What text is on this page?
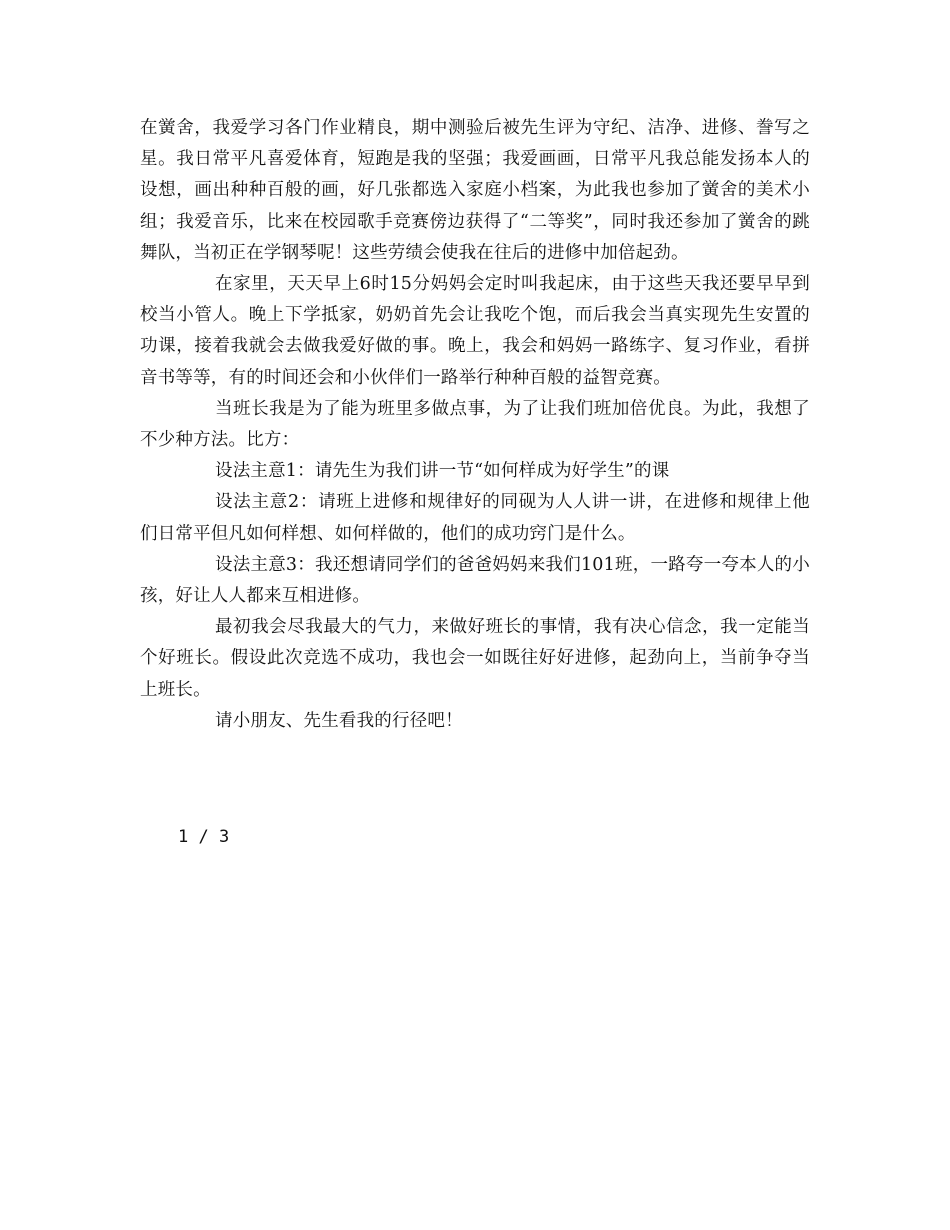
在黉舍，我爱学习各门作业精良，期中测验后被先生评为守纪、洁净、进修、誊写之星。我日常平凡喜爱体育，短跑是我的坚强；我爱画画，日常平凡我总能发扬本人的设想，画出种种百般的画，好几张都选入家庭小档案，为此我也参加了黉舍的美术小组；我爱音乐，比来在校园歌手竞赛傍边获得了“二等奖”，同时我还参加了黉舍的跳舞队，当初正在学钢琴呢！这些劳绩会使我在往后的进修中加倍起劲。

在家里，天天早上6时15分妈妈会定时叫我起床，由于这些天我还要早早到校当小管人。晚上下学抵家，奶奶首先会让我吃个饱，而后我会当真实现先生安置的功课，接着我就会去做我爱好做的事。晚上，我会和妈妈一路练字、复习作业，看拼音书等等，有的时间还会和小伙伴们一路举行种种百般的益智竞赛。

当班长我是为了能为班里多做点事，为了让我们班加倍优良。为此，我想了不少种方法。比方：

设法主意1：请先生为我们讲一节“如何样成为好学生”的课

设法主意2：请班上进修和规律好的同砚为人人讲一讲，在进修和规律上他们日常平但凡如何样想、如何样做的，他们的成功窍门是什么。

设法主意3：我还想请同学们的爸爸妈妈来我们101班，一路夸一夸本人的小孩，好让人人都来互相进修。

最初我会尽我最大的气力，来做好班长的事情，我有决心信念，我一定能当个好班长。假设此次竞选不成功，我也会一如既往好好进修，起劲向上，当前争夺当上班长。

请小朋友、先生看我的行径吧！

1 / 3
